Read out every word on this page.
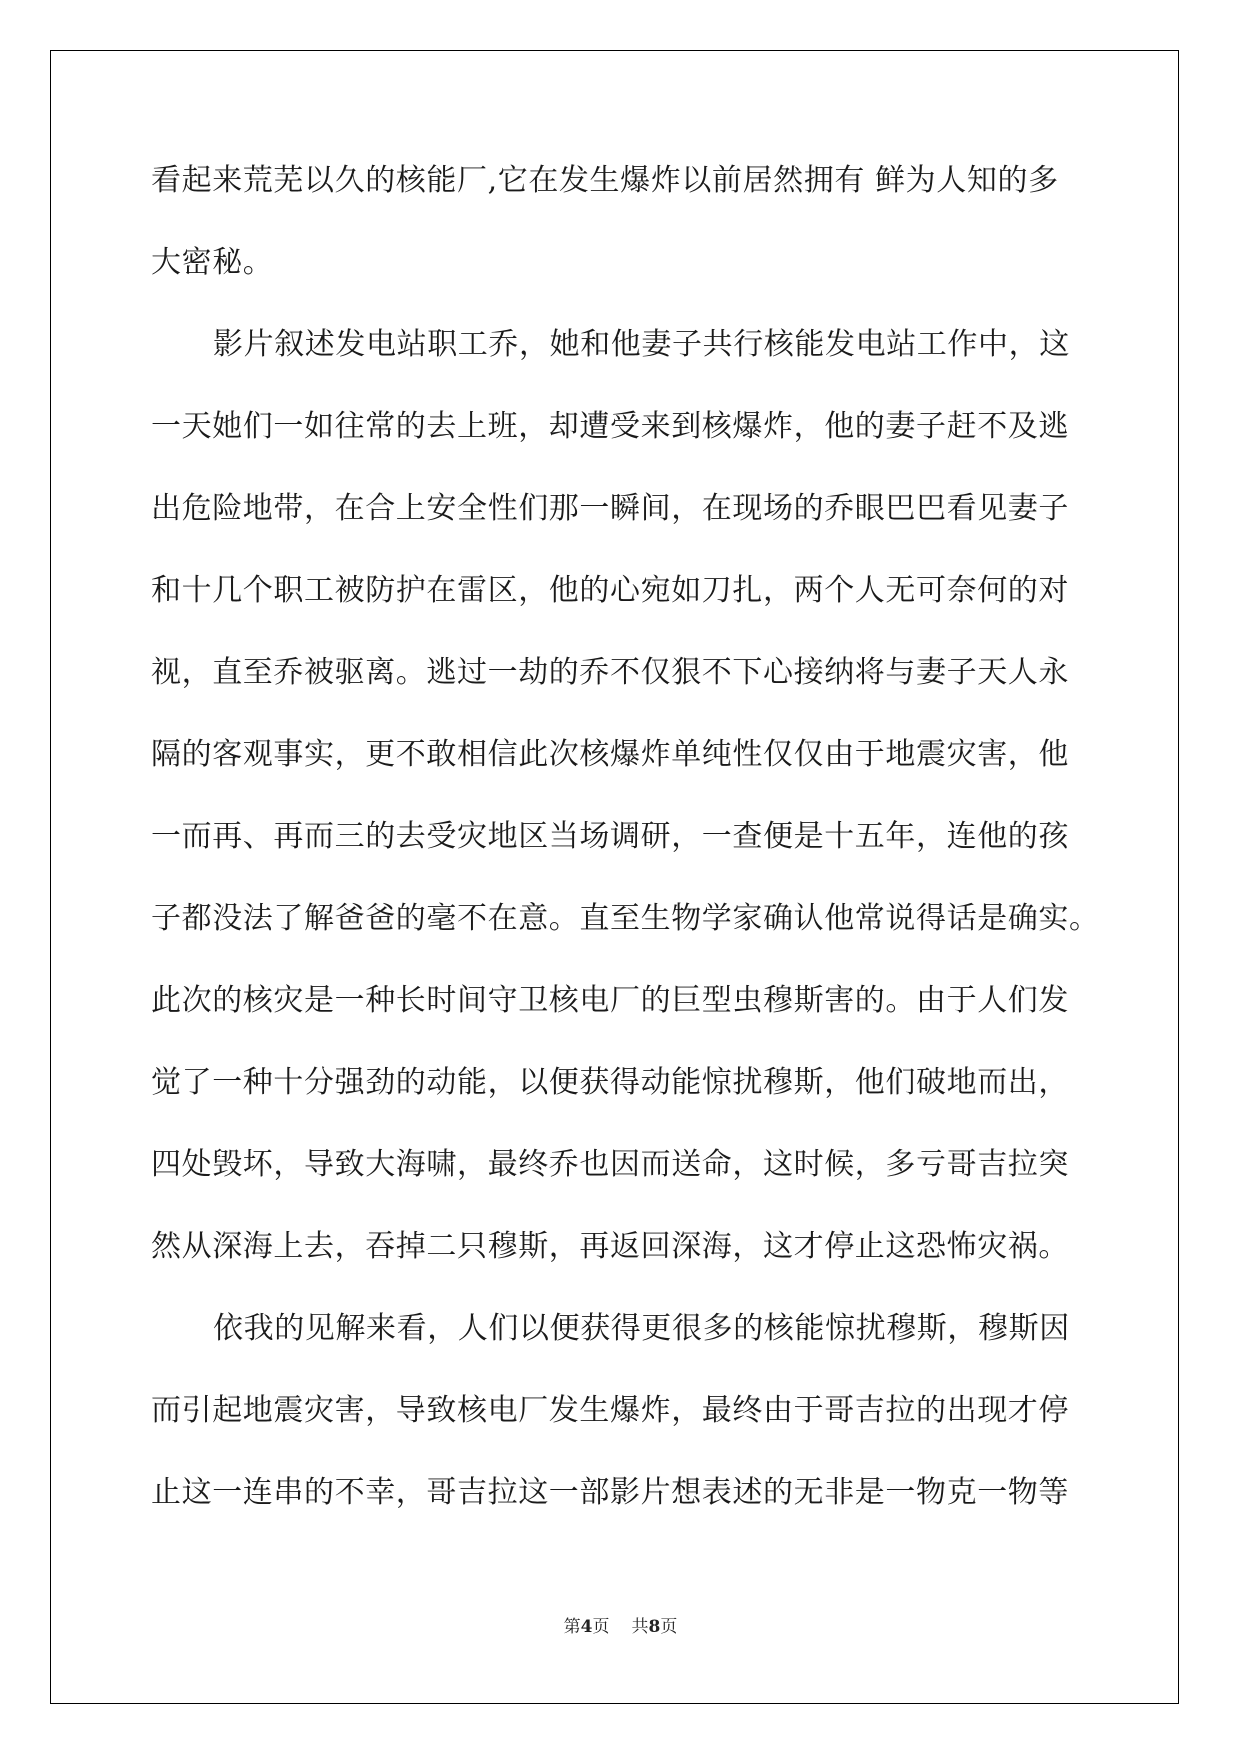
看起来荒芜以久的核能厂,它在发生爆炸以前居然拥有 鲜为人知的多
大密秘。
影片叙述发电站职工乔，她和他妻子共行核能发电站工作中，这
一天她们一如往常的去上班，却遭受来到核爆炸，他的妻子赶不及逃
出危险地带，在合上安全性们那一瞬间，在现场的乔眼巴巴看见妻子
和十几个职工被防护在雷区，他的心宛如刀扎，两个人无可奈何的对
视，直至乔被驱离。逃过一劫的乔不仅狠不下心接纳将与妻子天人永
隔的客观事实，更不敢相信此次核爆炸单纯性仅仅由于地震灾害，他
一而再、再而三的去受灾地区当场调研，一查便是十五年，连他的孩
子都没法了解爸爸的毫不在意。直至生物学家确认他常说得话是确实。
此次的核灾是一种长时间守卫核电厂的巨型虫穆斯害的。由于人们发
觉了一种十分强劲的动能，以便获得动能惊扰穆斯，他们破地而出，
四处毁坏，导致大海啸，最终乔也因而送命，这时候，多亏哥吉拉突
然从深海上去，吞掉二只穆斯，再返回深海，这才停止这恐怖灾祸。
依我的见解来看，人们以便获得更很多的核能惊扰穆斯，穆斯因
而引起地震灾害，导致核电厂发生爆炸，最终由于哥吉拉的出现才停
止这一连串的不幸，哥吉拉这一部影片想表述的无非是一物克一物等
第4页 共8页
